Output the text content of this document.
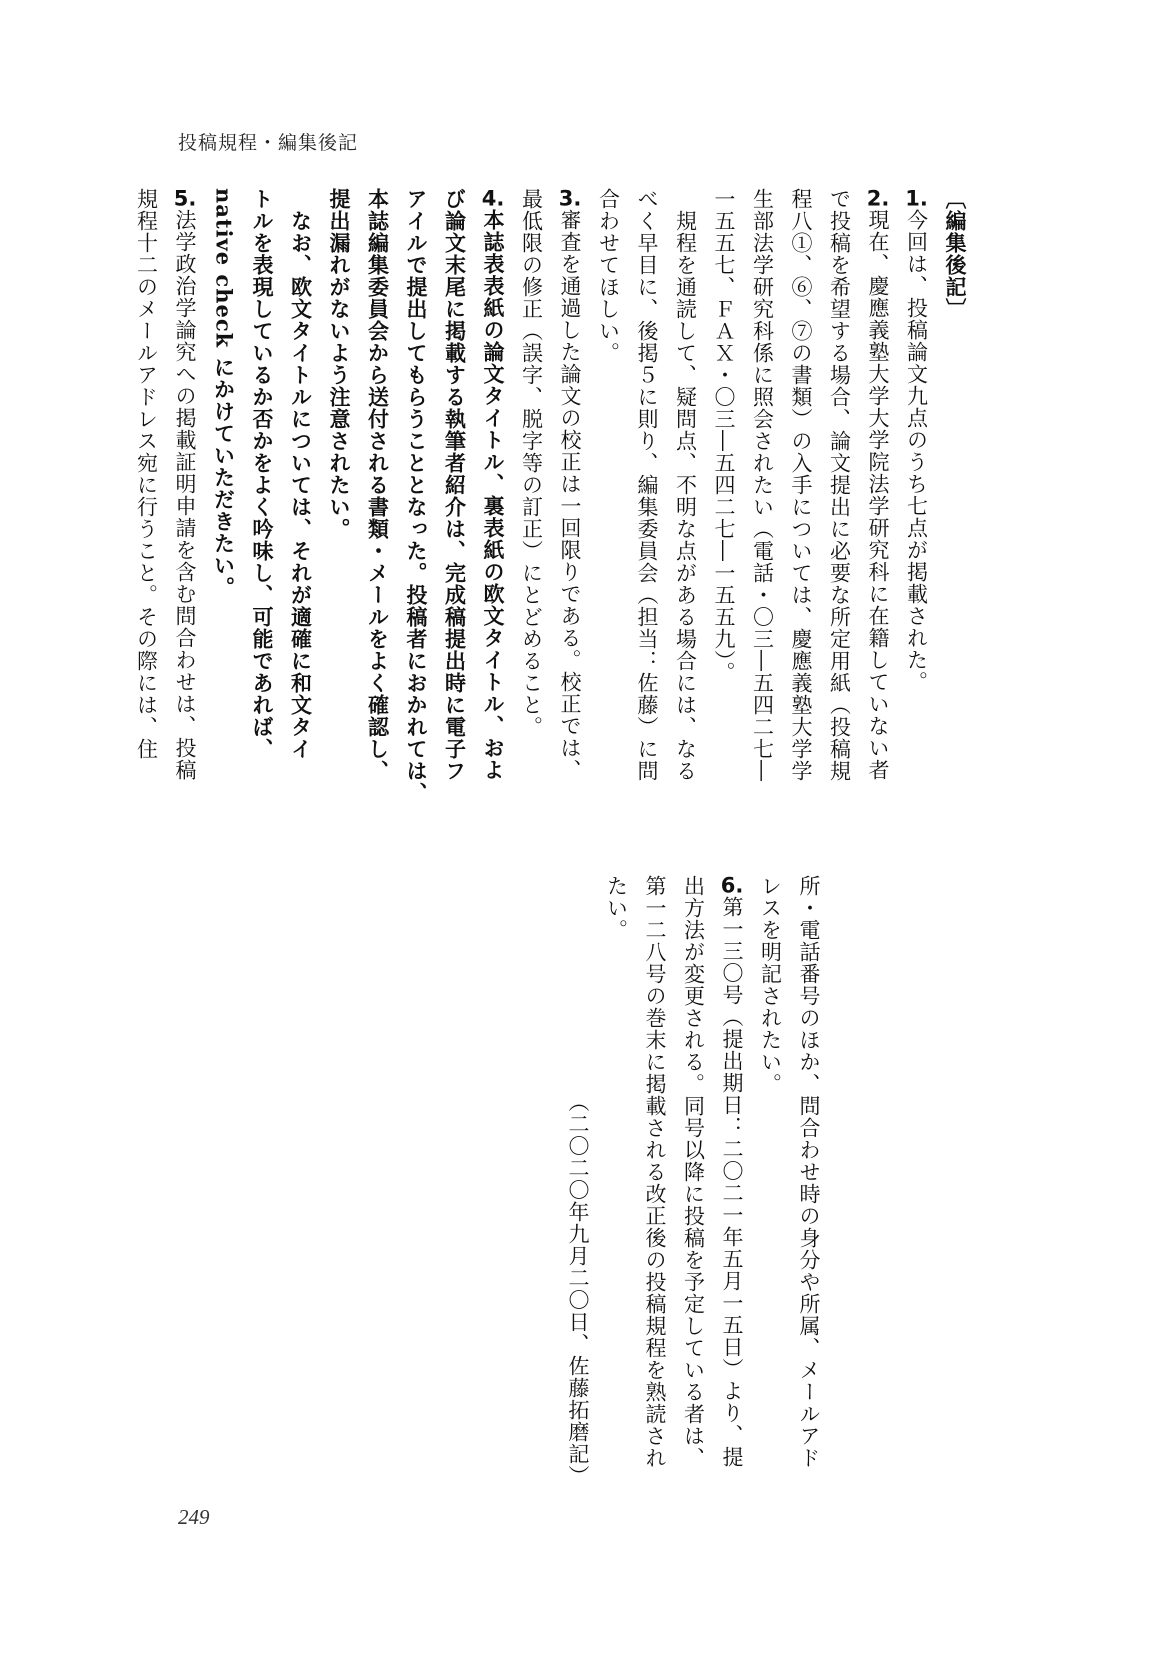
投稿規程・編集後記
〔編集後記〕
1.今回は、投稿論文九点のうち七点が掲載された。
2.現在、慶應義塾大学大学院法学研究科に在籍していない者
で投稿を希望する場合、論文提出に必要な所定用紙（投稿規
程八①、⑥、⑦の書類）の入手については、慶應義塾大学学
生部法学研究科係に照会されたい（電話・〇三―五四二七―
一五五七、ＦＡＸ・〇三―五四二七―一五五九）。
　規程を通読して、疑問点、不明な点がある場合には、なる
べく早目に、後掲５に則り、編集委員会（担当：佐藤）に問
合わせてほしい。
3.審査を通過した論文の校正は一回限りである。校正では、
最低限の修正（誤字、脱字等の訂正）にとどめること。
4.本誌表表紙の論文タイトル、裏表紙の欧文タイトル、およ
び論文末尾に掲載する執筆者紹介は、完成稿提出時に電子フ
アイルで提出してもらうこととなった。投稿者におかれては、
本誌編集委員会から送付される書類・メールをよく確認し、
提出漏れがないよう注意されたい。
　なお、欧文タイトルについては、それが適確に和文タイ
トルを表現しているか否かをよく吟味し、可能であれば、
native check にかけていただきたい。
5.法学政治学論究への掲載証明申請を含む問合わせは、投稿
規程十二のメールアドレス宛に行うこと。その際には、住
所・電話番号のほか、問合わせ時の身分や所属、メールアド
レスを明記されたい。
6.第一三〇号（提出期日：二〇二一年五月一五日）より、提
出方法が変更される。同号以降に投稿を予定している者は、
第一二八号の巻末に掲載される改正後の投稿規程を熟読され
たい。
（二〇二〇年九月二〇日、佐藤拓磨記）
249
